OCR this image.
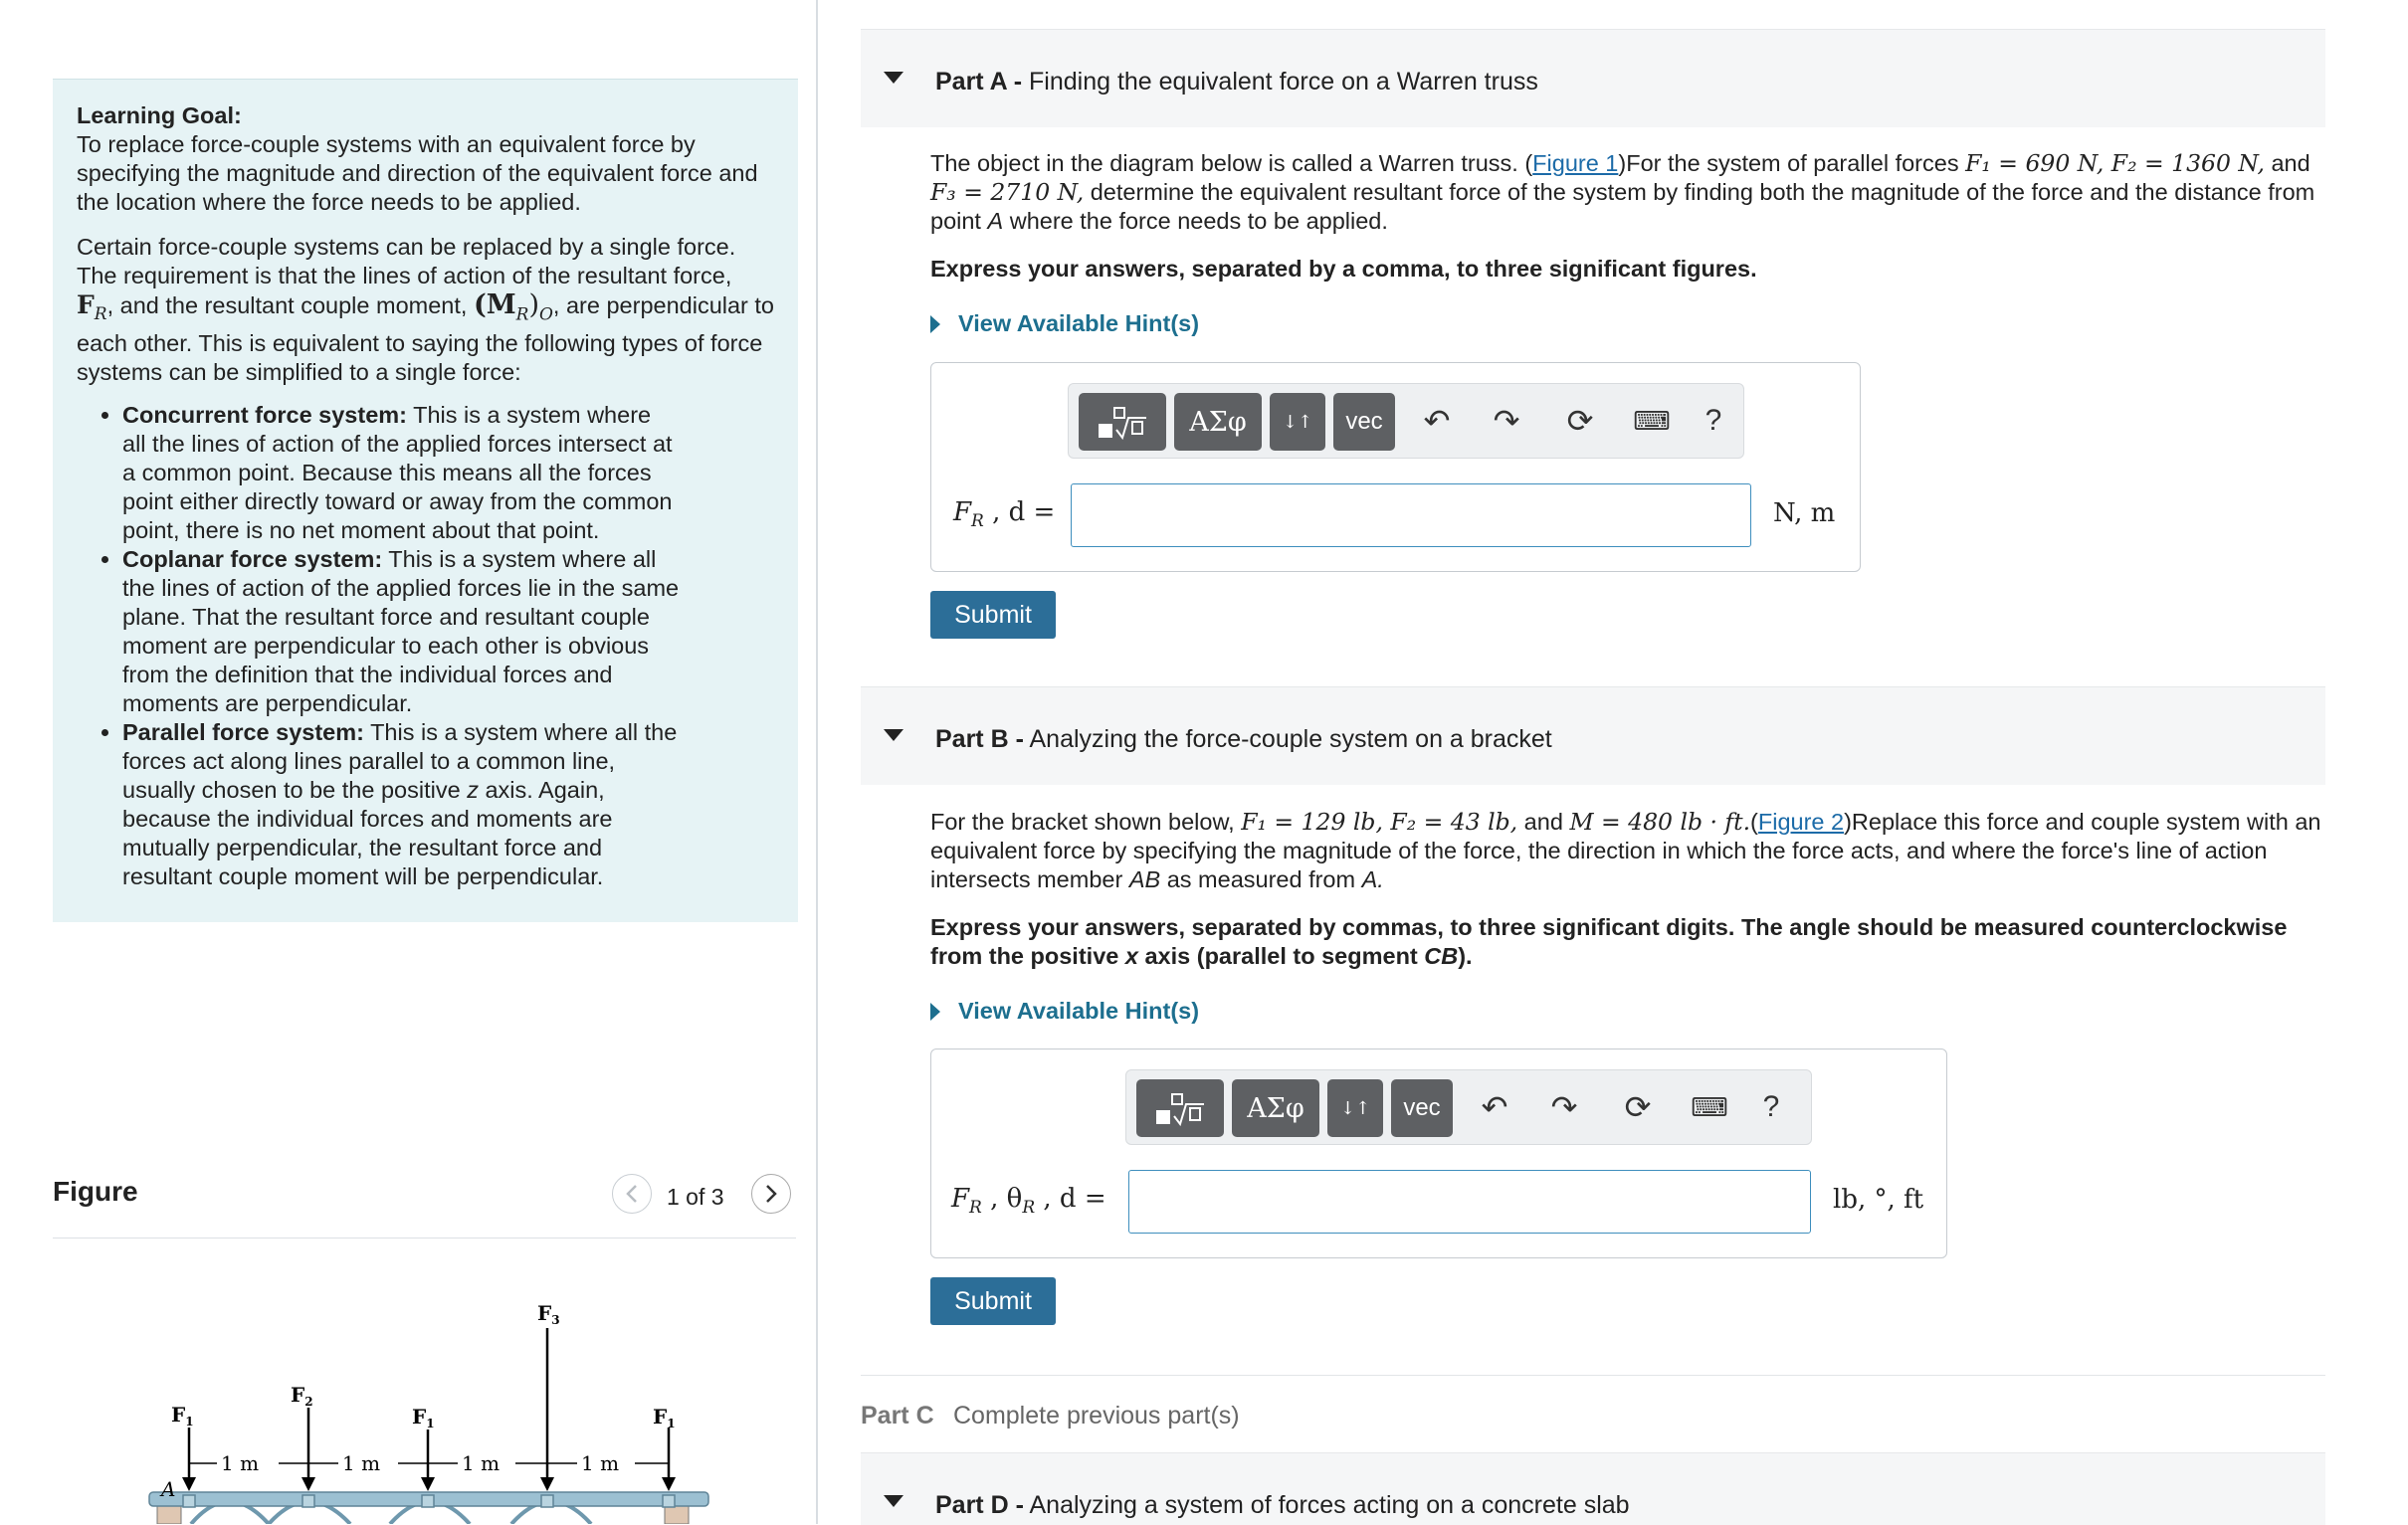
Learning Goal:
To replace force-couple systems with an equivalent force by specifying the magnitude and direction of the equivalent force and the location where the force needs to be applied.

Certain force-couple systems can be replaced by a single force. The requirement is that the lines of action of the resultant force, $F_R$, and the resultant couple moment, $(M_R)_O$, are perpendicular to each other. This is equivalent to saying the following types of force systems can be simplified to a single force:

• Concurrent force system: This is a system where all the lines of action of the applied forces intersect at a common point. Because this means all the forces point either directly toward or away from the common point, there is no net moment about that point.
• Coplanar force system: This is a system where all the lines of action of the applied forces lie in the same plane. That the resultant force and resultant couple moment are perpendicular to each other is obvious from the definition that the individual forces and moments are perpendicular.
• Parallel force system: This is a system where all the forces act along lines parallel to a common line, usually chosen to be the positive z axis. Again, because the individual forces and moments are mutually perpendicular, the resultant force and resultant couple moment will be perpendicular.
Figure	1 of 3
1 m	1 m	1 m	1 m
A
$F_1$
$F_2$
$F_1$
$F_3$
$F_1$
Part A - Finding the equivalent force on a Warren truss
The object in the diagram below is called a Warren truss. (Figure 1)For the system of parallel forces F₁ = 690 N, F₂ = 1360 N, and F₃ = 2710 N, determine the equivalent resultant force of the system by finding both the magnitude of the force and the distance from point A where the force needs to be applied.
Express your answers, separated by a comma, to three significant figures.
View Available Hint(s)
ΑΣφ	↓↑	vec	↶ ↷ ⟳ ⌨	?
$F_R$ , d =	N, m
Submit
Part B - Analyzing the force-couple system on a bracket
For the bracket shown below, F₁ = 129 lb, F₂ = 43 lb, and M = 480 lb · ft.(Figure 2)Replace this force and couple system with an equivalent force by specifying the magnitude of the force, the direction in which the force acts, and where the force's line of action intersects member AB as measured from A.
Express your answers, separated by commas, to three significant digits. The angle should be measured counterclockwise from the positive x axis (parallel to segment CB).
View Available Hint(s)
ΑΣφ	↓↑	vec	↶ ↷ ⟳ ⌨	?
$F_R$ , $\theta_R$ , d =	lb, °, ft
Submit
Part C Complete previous part(s)
Part D - Analyzing a system of forces acting on a concrete slab
